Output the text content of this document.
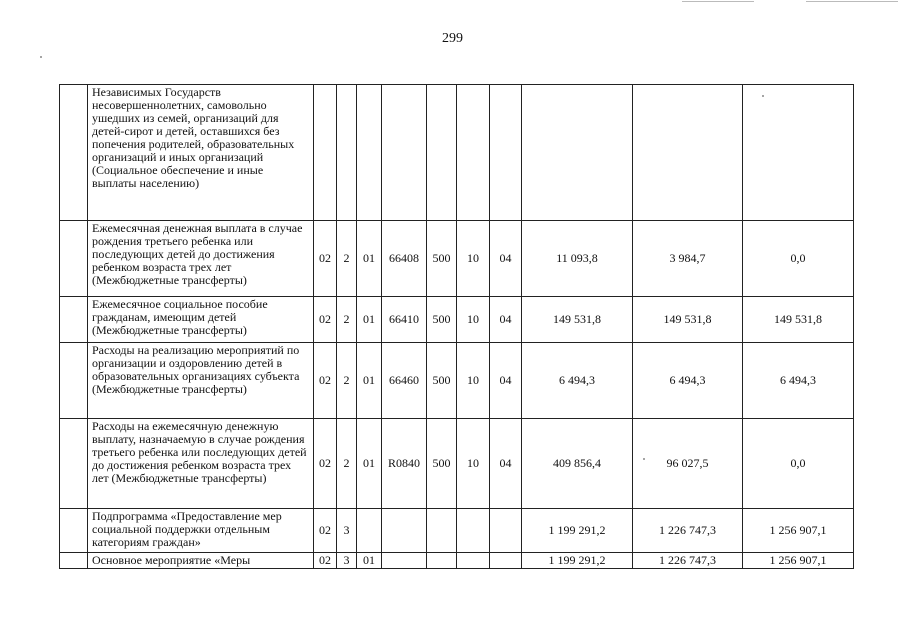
299
	Независимых Государств несовершеннолетних, самовольно ушедших из семей, организаций для детей-сирот и детей, оставшихся без попечения родителей, образовательных организаций и иных организаций (Социальное обеспечение и иные выплаты населению)										
	Ежемесячная денежная выплата в случае рождения третьего ребенка или последующих детей до достижения ребенком возраста трех лет (Межбюджетные трансферты)	02	2	01	66408	500	10	04	11 093,8	3 984,7	0,0
	Ежемесячное социальное пособие гражданам, имеющим детей (Межбюджетные трансферты)	02	2	01	66410	500	10	04	149 531,8	149 531,8	149 531,8
	Расходы на реализацию мероприятий по организации и оздоровлению детей в образовательных организациях субъекта (Межбюджетные трансферты)	02	2	01	66460	500	10	04	6 494,3	6 494,3	6 494,3
	Расходы на ежемесячную денежную выплату, назначаемую в случае рождения третьего ребенка или последующих детей до достижения ребенком возраста трех лет (Межбюджетные трансферты)	02	2	01	R0840	500	10	04	409 856,4	96 027,5	0,0
	Подпрограмма «Предоставление мер социальной поддержки отдельным категориям граждан»	02	3						1 199 291,2	1 226 747,3	1 256 907,1
	Основное мероприятие «Меры	02	3	01					1 199 291,2	1 226 747,3	1 256 907,1
